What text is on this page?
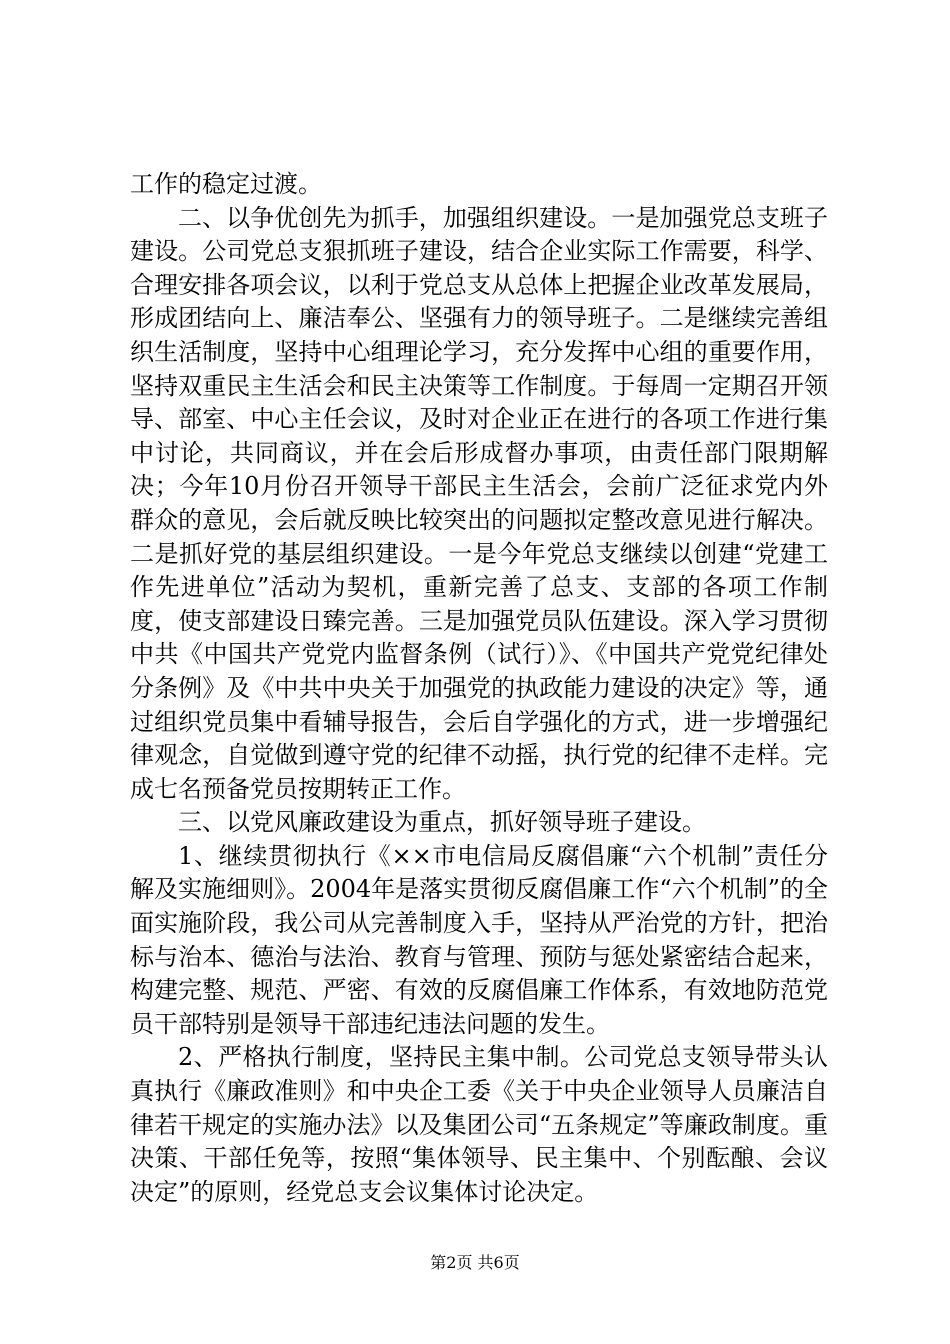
工作的稳定过渡。

二、以争优创先为抓手，加强组织建设。一是加强党总支班子建设。公司党总支狠抓班子建设，结合企业实际工作需要，科学、合理安排各项会议，以利于党总支从总体上把握企业改革发展局，形成团结向上、廉洁奉公、坚强有力的领导班子。二是继续完善组织生活制度，坚持中心组理论学习，充分发挥中心组的重要作用，坚持双重民主生活会和民主决策等工作制度。于每周一定期召开领导、部室、中心主任会议，及时对企业正在进行的各项工作进行集中讨论，共同商议，并在会后形成督办事项，由责任部门限期解决；今年10月份召开领导干部民主生活会，会前广泛征求党内外群众的意见，会后就反映比较突出的问题拟定整改意见进行解决。二是抓好党的基层组织建设。一是今年党总支继续以创建“党建工作先进单位”活动为契机，重新完善了总支、支部的各项工作制度，使支部建设日臻完善。三是加强党员队伍建设。深入学习贯彻中共《中国共产党党内监督条例（试行）》、《中国共产党党纪律处分条例》及《中共中央关于加强党的执政能力建设的决定》等，通过组织党员集中看辅导报告，会后自学强化的方式，进一步增强纪律观念，自觉做到遵守党的纪律不动摇，执行党的纪律不走样。完成七名预备党员按期转正工作。

三、以党风廉政建设为重点，抓好领导班子建设。

1、继续贯彻执行《××市电信局反腐倡廉“六个机制”责任分解及实施细则》。2004年是落实贯彻反腐倡廉工作“六个机制”的全面实施阶段，我公司从完善制度入手，坚持从严治党的方针，把治标与治本、德治与法治、教育与管理、预防与惩处紧密结合起来，构建完整、规范、严密、有效的反腐倡廉工作体系，有效地防范党员干部特别是领导干部违纪违法问题的发生。

2、严格执行制度，坚持民主集中制。公司党总支领导带头认真执行《廉政准则》和中央企工委《关于中央企业领导人员廉洁自律若干规定的实施办法》以及集团公司“五条规定”等廉政制度。重决策、干部任免等，按照“集体领导、民主集中、个别酝酿、会议决定”的原则，经党总支会议集体讨论决定。

第2页 共6页
